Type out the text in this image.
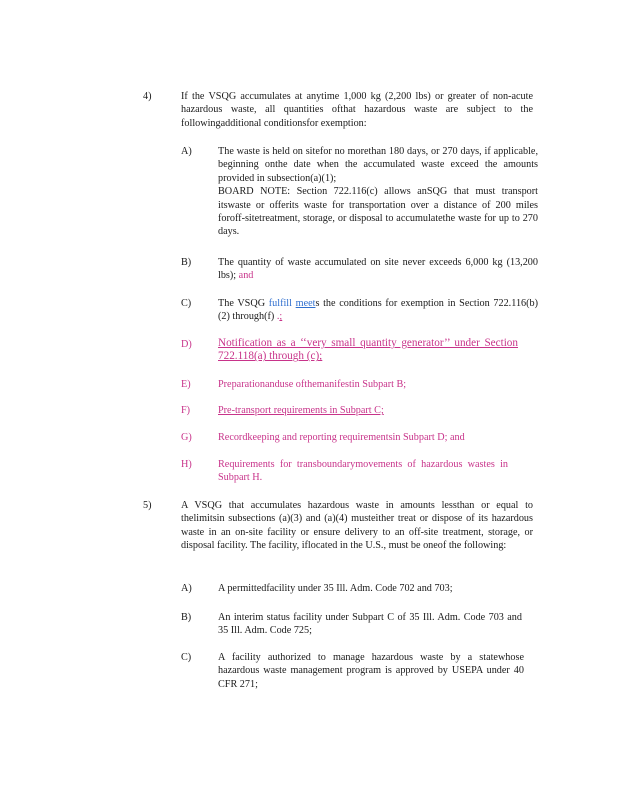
4)	If the VSQG accumulates at anytime 1,000 kg (2,200 lbs) or greater of non-acute hazardous waste, all quantities ofthat hazardous waste are subject to the followingadditional conditionsfor exemption:
A)	The waste is held on sitefor no morethan 180 days, or 270 days, if applicable, beginning onthe date when the accumulated waste exceed the amounts provided in subsection(a)(1);
BOARD NOTE: Section 722.116(c) allows anSQG that must transport itswaste or offerits waste for transportation over a distance of 200 miles foroff-sitetreatment, storage, or disposal to accumulatethe waste for up to 270 days.
B)	The quantity of waste accumulated on site never exceeds 6,000 kg (13,200 lbs); and
C)	The VSQG fulfill meets the conditions for exemption in Section 722.116(b)(2) through(f) .;
D) Notification as a ‘‘very small quantity generator’’ under Section 722.118(a) through (c);
E)	Preparationanduse ofthemanifestin Subpart B;
F)	Pre-transport requirements in Subpart C;
G)	Recordkeeping and reporting requirementsin Subpart D; and
H)	Requirements for transboundarymovements of hazardous wastes in Subpart H.
5)	A VSQG that accumulates hazardous waste in amounts lessthan or equal to thelimitsin subsections (a)(3) and (a)(4) musteither treat or dispose of its hazardous waste in an on-site facility or ensure delivery to an off-site treatment, storage, or disposal facility. The facility, iflocated in the U.S., must be oneof the following:
A)	A permittedfacility under 35 Ill. Adm. Code 702 and 703;
B)	An interim status facility under Subpart C of 35 Ill. Adm. Code 703 and 35 Ill. Adm. Code 725;
C)	A facility authorized to manage hazardous waste by a statewhose hazardous waste management program is approved by USEPA under 40 CFR 271;
